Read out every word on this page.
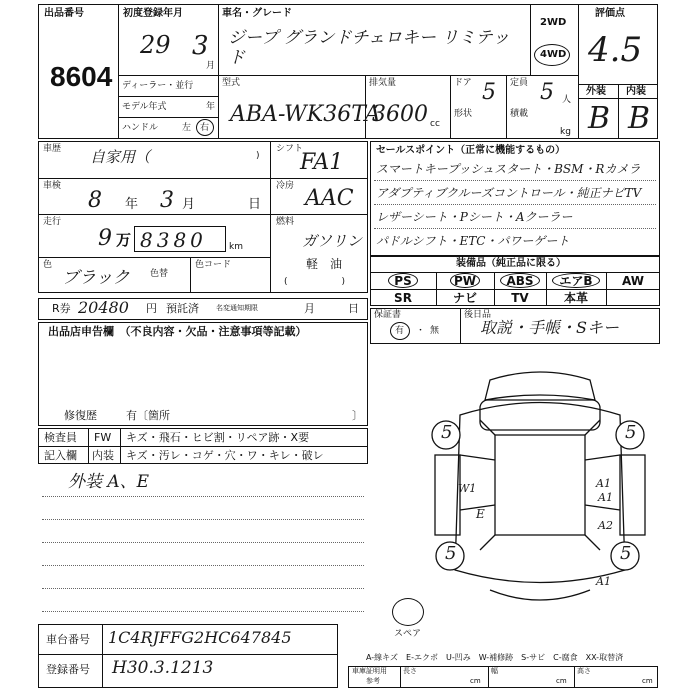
出品番号
8604
初度登録年月
29 3
月
車名・グレード
ジープ グランドチェロキー リミテッド
2WD
4WD
評価点
4.5
外装 内装
B B
ディーラー・並行
モデル年式	年
ハンドル	左 右
型式
ABA-WK36TA
排気量
3600 cc
ドア 5
形状
定員 5 人
積載
kg
車歴 自家用（	)
車検
8 年 3 月	日
走行
9 万 8380 km
色
ブラック 色替
色コード
シフト
FA1
冷房 AAC
燃料
ガソリン
軽　油
(　　　　　　)
セールスポイント（正常に機能するもの）
スマートキープッシュスタート・BSM・Rカメラ
アダプティブクルーズコントロール・純正ナビTV
レザーシート・Pシート・Aクーラー
パドルシフト・ETC・パワーゲート
装備品（純正品に限る）
PS	PW	ABS	エアB	AW
SR	ナビ	TV	本革
R券 20480 円 預託済 名変通知期限	月	日 保証書
有 ・ 無
後日品
取説・手帳・Sキー
出品店申告欄　（不良内容・欠品・注意事項等記載）
修復歴	有〔箇所	〕
検査員 FW キズ・飛石・ヒビ割・リペア跡・X要
記入欄 内装 キズ・汚レ・コゲ・穴・ワ・キレ・破レ
外装 A、E
5	5
5	5
W1	A1
E
A1
A2
A1
スペア
車台番号 1C4RJFFG2HC647845
登録番号 H30.3.1213
A-線キズ　E-エクボ　U-凹み　W-補修跡　S-サビ　C-腐食　XX-取替済
車庫証明用
参考
長さ
cm
幅
cm
高さ
cm
